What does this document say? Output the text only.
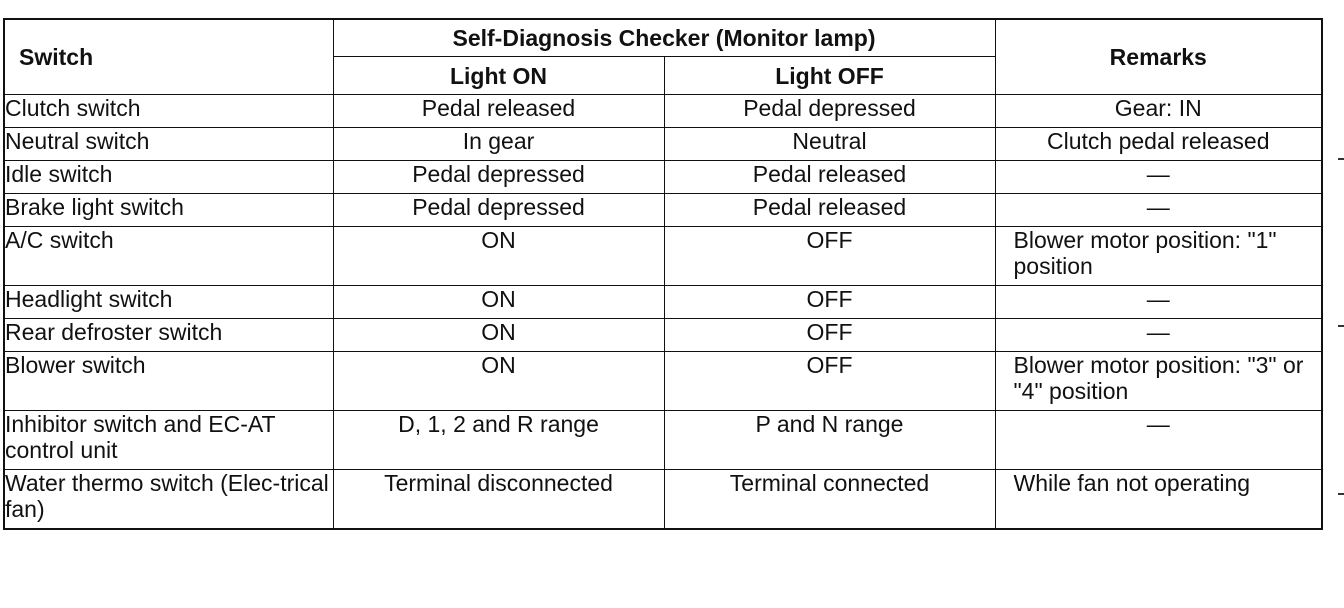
Switch	Self-Diagnosis Checker (Monitor lamp)		Remarks
	Light ON	Light OFF	
Clutch switch	Pedal released	Pedal depressed	Gear: IN
Neutral switch	In gear	Neutral	Clutch pedal released
Idle switch	Pedal depressed	Pedal released	—
Brake light switch	Pedal depressed	Pedal released	—
A/C switch	ON	OFF	Blower motor position: "1" position
Headlight switch	ON	OFF	—
Rear defroster switch	ON	OFF	—
Blower switch	ON	OFF	Blower motor position: "3" or "4" position
Inhibitor switch and EC-AT control unit	D, 1, 2 and R range	P and N range	—
Water thermo switch (Elec-trical fan)	Terminal disconnected	Terminal connected	While fan not operating
